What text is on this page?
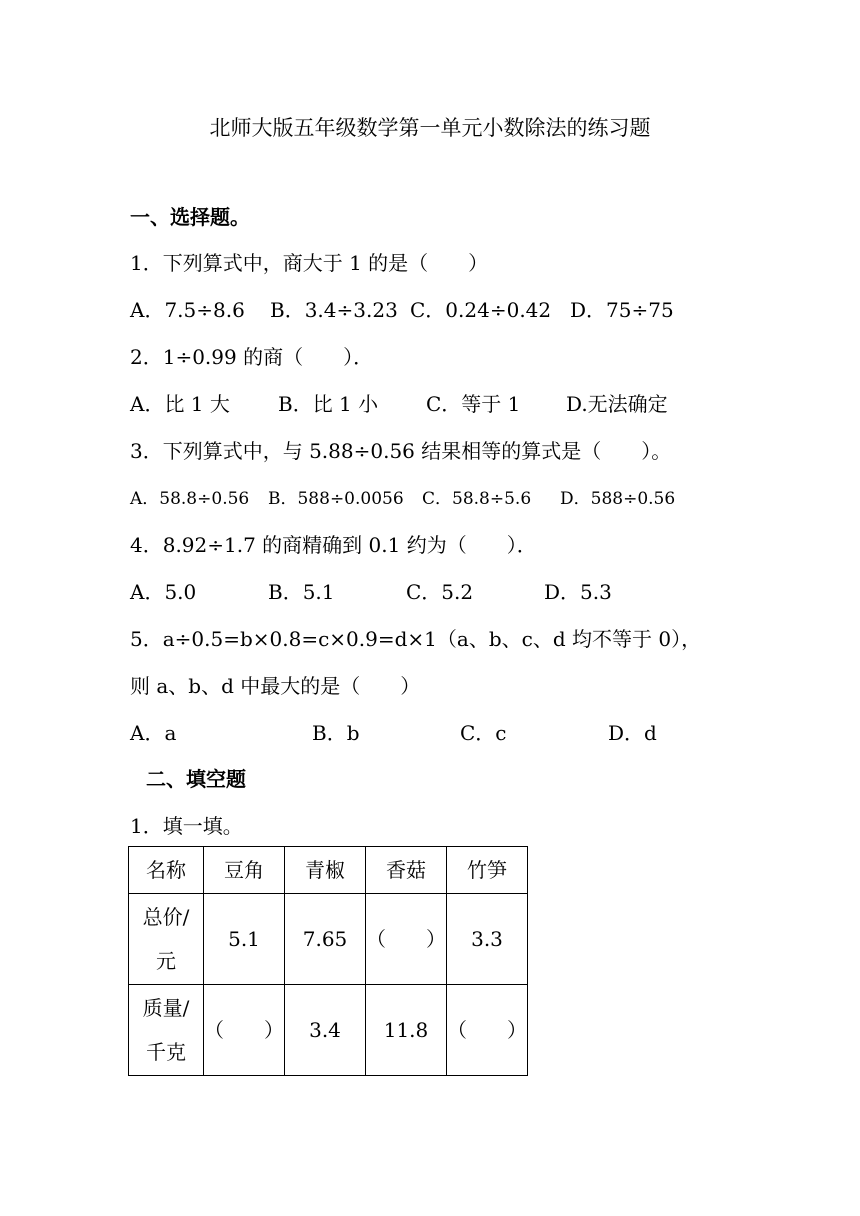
北师大版五年级数学第一单元小数除法的练习题
一、选择题。
1．下列算式中，商大于 1 的是（　　）
A．7.5÷8.6	B．3.4÷3.23 C．0.24÷0.42 D．75÷75
2．1÷0.99 的商（　　）．
A．比 1 大	B．比 1 小	C．等于 1	D.无法确定
3．下列算式中，与 5.88÷0.56 结果相等的算式是（　　）。
A．58.8÷0.56	B．588÷0.0056	C．58.8÷5.6	D．588÷0.56
4．8.92÷1.7 的商精确到 0.1 约为（　　）．
A．5.0	B．5.1	C．5.2	D．5.3
5．a÷0.5=b×0.8=c×0.9=d×1（a、b、c、d 均不等于 0），
则 a、b、d 中最大的是（　　）
A．a	B．b	C．c	D．d
二、填空题
1．填一填。
名称	豆角	青椒	香菇	竹笋

总价/
元	5.1	7.65	（　　）	3.3

质量/
千克	（　　）	3.4	11.8	（　　）
